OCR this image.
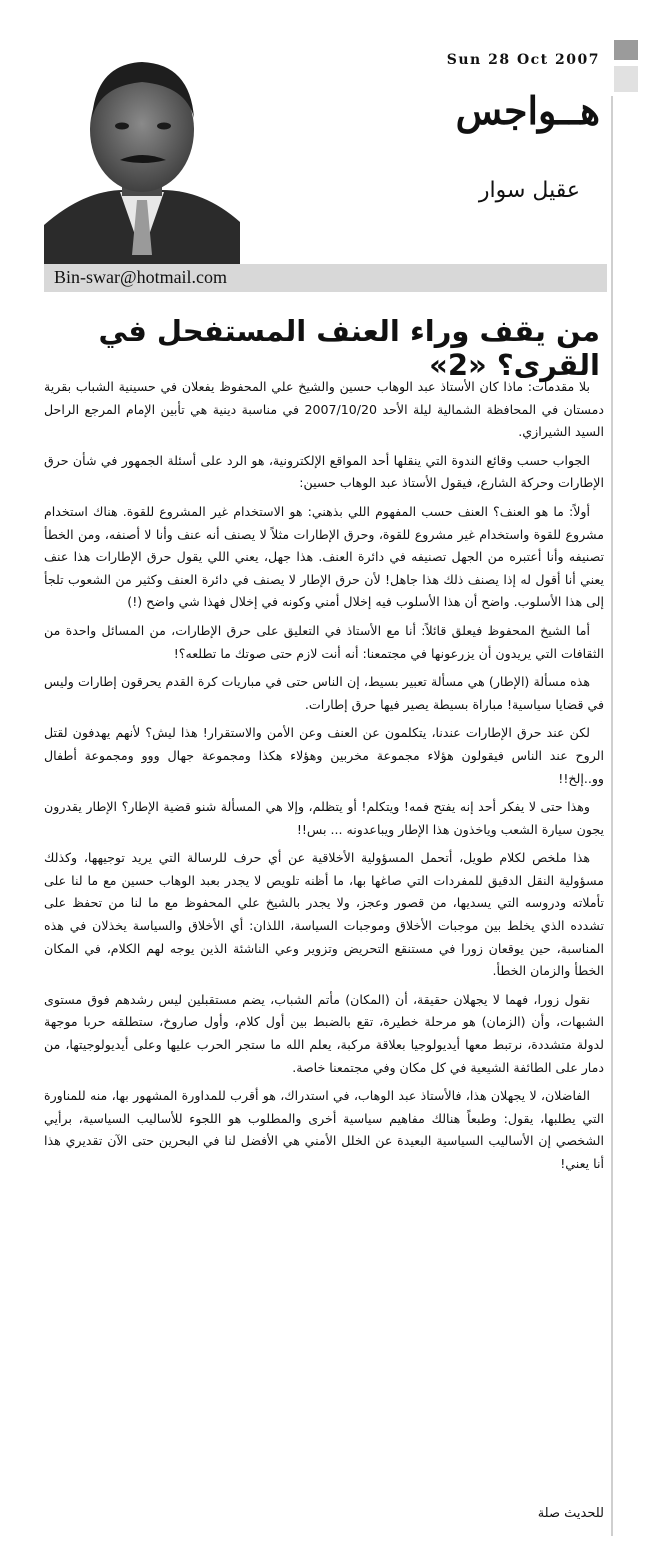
Sun 28 Oct 2007
هــواجس
عقيل سوار
Bin-swar@hotmail.com
من يقف وراء العنف المستفحل في القرى؟ «2»

بلا مقدمات: ماذا كان الأستاذ عبد الوهاب حسين والشيخ علي المحفوظ يفعلان في حسينية الشباب بقرية دمستان في المحافظة الشمالية ليلة الأحد 2007/10/20 في مناسبة دينية هي تأبين الإمام المرجع الراحل السيد الشيرازي.

الجواب حسب وقائع الندوة التي ينقلها أحد المواقع الإلكترونية، هو الرد على أسئلة الجمهور في شأن حرق الإطارات وحركة الشارع، فيقول الأستاذ عبد الوهاب حسين:

أولاً: ما هو العنف؟ العنف حسب المفهوم اللي بذهني: هو الاستخدام غير المشروع للقوة. هناك استخدام مشروع للقوة واستخدام غير مشروع للقوة، وحرق الإطارات مثلاً لا يصنف أنه عنف وأنا لا أصنفه، ومن الخطأ تصنيفه وأنا أعتبره من الجهل تصنيفه في دائرة العنف. هذا جهل، يعني اللي يقول حرق الإطارات هذا عنف يعني أنا أقول له إذا يصنف ذلك هذا جاهل! لأن حرق الإطار لا يصنف في دائرة العنف وكثير من الشعوب تلجأ إلى هذا الأسلوب. واضح أن هذا الأسلوب فيه إخلال أمني وكونه في إخلال فهذا شي واضح (!)

أما الشيخ المحفوظ فيعلق قائلاً: أنا مع الأستاذ في التعليق على حرق الإطارات، من المسائل واحدة من الثقافات التي يريدون أن يزرعونها في مجتمعنا: أنه أنت لازم حتى صوتك ما تطلعه؟!

هذه مسألة (الإطار) هي مسألة تعبير بسيط، إن الناس حتى في مباريات كرة القدم يحرقون إطارات وليس في قضايا سياسية! مباراة بسيطة يصير فيها حرق إطارات.

لكن عند حرق الإطارات عندنا، يتكلمون عن العنف وعن الأمن والاستقرار! هذا ليش؟ لأنهم يهدفون لقتل الروح عند الناس فيقولون هؤلاء مجموعة مخربين وهؤلاء هكذا ومجموعة جهال ووو ومجموعة أطفال وو..إلخ!!

وهذا حتى لا يفكر أحد إنه يفتح فمه! ويتكلم! أو يتظلم، وإلا هي المسألة شنو قضية الإطار؟ الإطار يقدرون يجون سيارة الشعب وياخذون هذا الإطار ويباعدونه ... بس!!

هذا ملخص لكلام طويل، أتحمل المسؤولية الأخلاقية عن أي حرف للرسالة التي يريد توجيهها، وكذلك مسؤولية النقل الدقيق للمفردات التي صاغها بها، ما أظنه تلويص لا يجدر بعبد الوهاب حسين مع ما لنا على تأملاته ودروسه التي يسديها، من قصور وعجز، ولا يجدر بالشيخ علي المحفوظ مع ما لنا من تحفظ على تشدده الذي يخلط بين موجبات الأخلاق وموجبات السياسة، اللذان: أي الأخلاق والسياسة يخذلان في هذه المناسبة، حين يوقعان زورا في مستنقع التحريض وتزوير وعي الناشئة الذين يوجه لهم الكلام، في المكان الخطأ والزمان الخطأ.

نقول زورا، فهما لا يجهلان حقيقة، أن (المكان) مأتم الشباب، يضم مستقبلين ليس رشدهم فوق مستوى الشبهات، وأن (الزمان) هو مرحلة خطيرة، تقع بالضبط بين أول كلام، وأول صاروخ، ستطلقه حربا موجهة لدولة متشددة، نرتبط معها أيديولوجيا بعلاقة مركبة، يعلم الله ما ستجر الحرب عليها وعلى أيديولوجيتها، من دمار على الطائفة الشيعية في كل مكان وفي مجتمعنا خاصة.

الفاضلان، لا يجهلان هذا، فالأستاذ عبد الوهاب، في استدراك، هو أقرب للمداورة المشهور بها، منه للمناورة التي يطلبها، يقول: وطبعاً هنالك مفاهيم سياسية أخرى والمطلوب هو اللجوء للأساليب السياسية، برأيي الشخصي إن الأساليب السياسية البعيدة عن الخلل الأمني هي الأفضل لنا في البحرين حتى الآن تقديري هذا أنا يعني!

للحديث صلة
